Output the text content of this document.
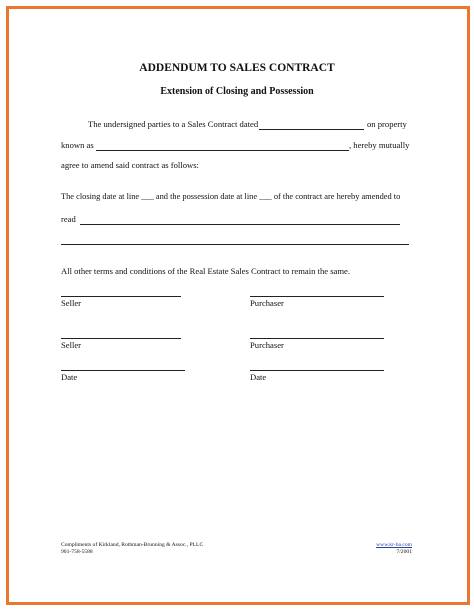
ADDENDUM TO SALES CONTRACT
Extension of Closing and Possession
The undersigned parties to a Sales Contract dated	on property
known as	, hereby mutually
agree to amend said contract as follows:
The closing date at line ___ and the possession date at line ___ of the contract are hereby amended to
read
All other terms and conditions of the Real Estate Sales Contract to remain the same.
Seller	Purchaser
Seller	Purchaser
Date	Date
Compliments of Kirkland, Rothman-Brunning & Assoc., PLLC
901-758-5588
www.kr-ba.com
7/2001
